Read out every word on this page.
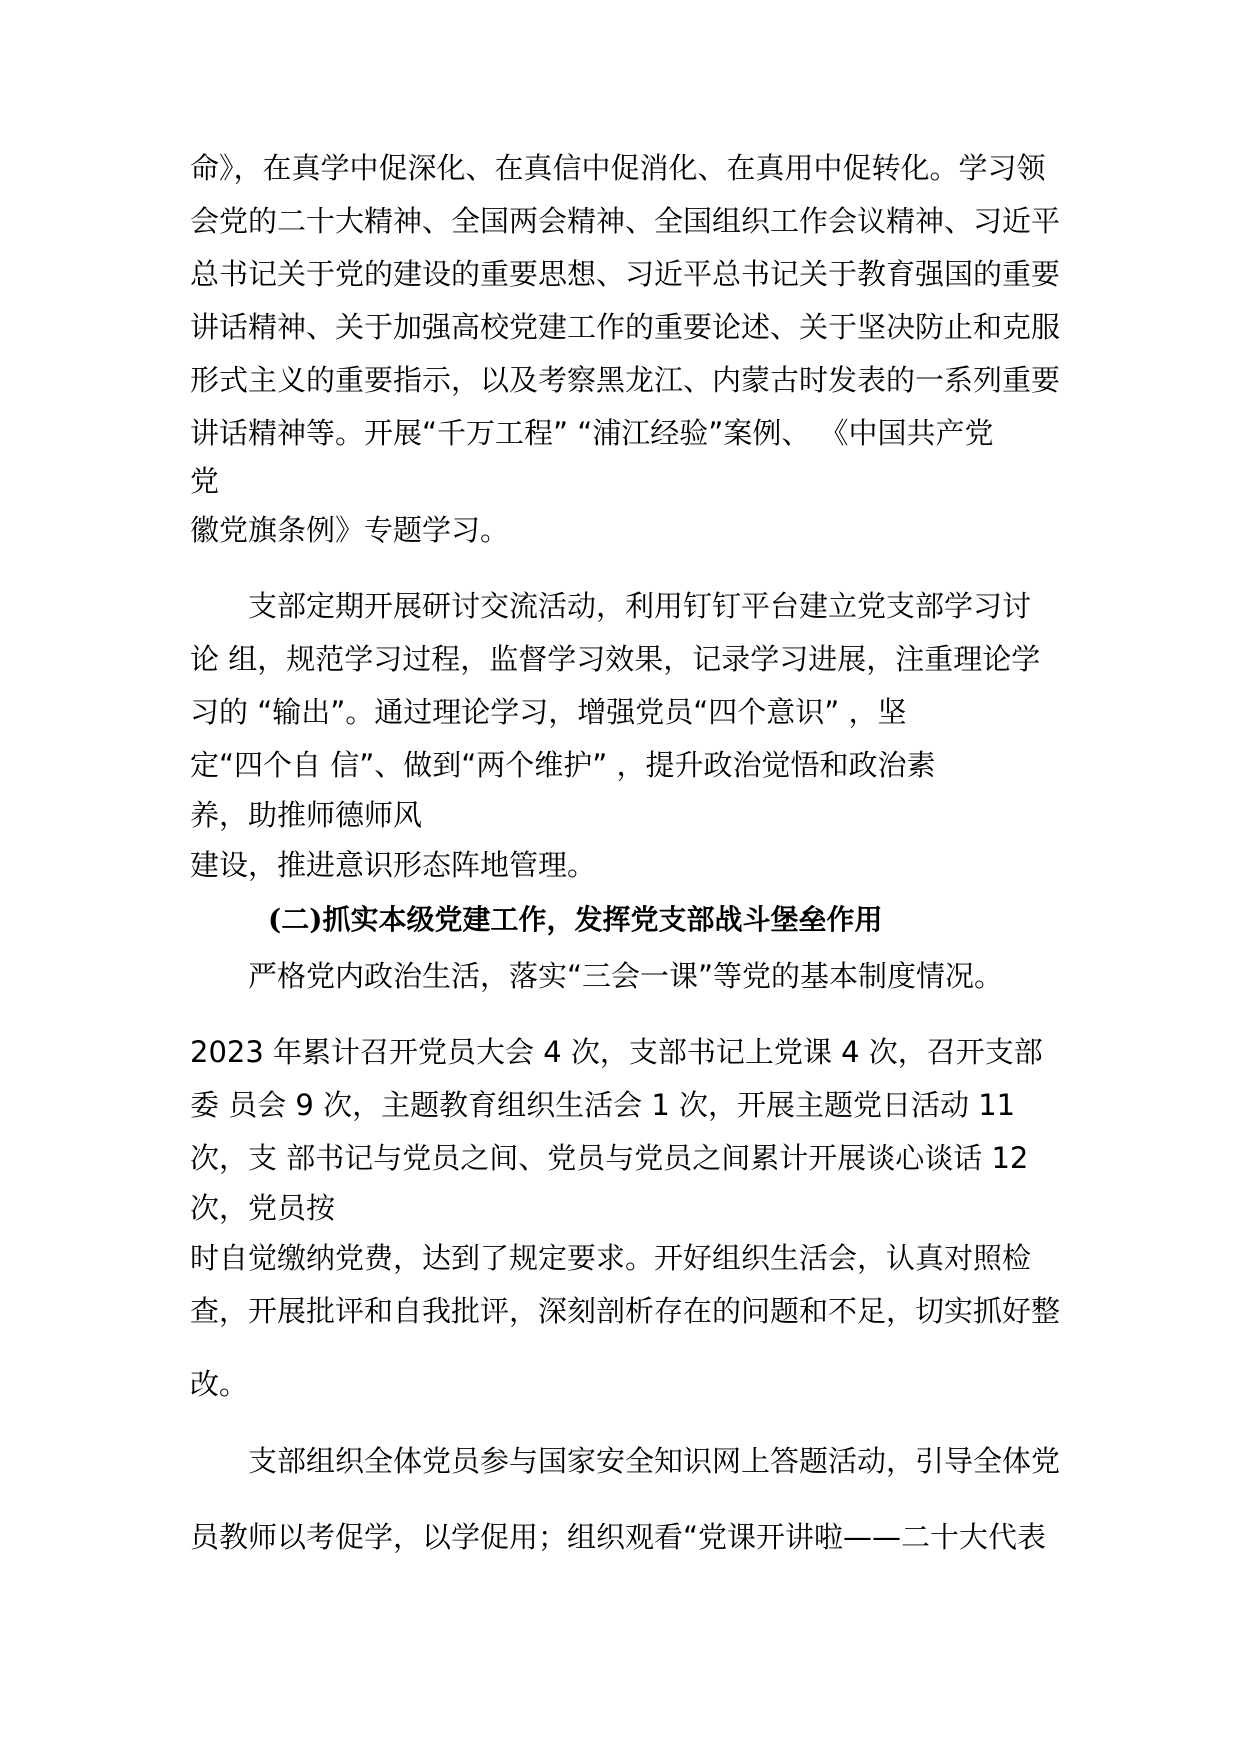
命》，在真学中促深化、在真信中促消化、在真用中促转化。学习领
会党的二十大精神、全国两会精神、全国组织工作会议精神、习近平
总书记关于党的建设的重要思想、习近平总书记关于教育强国的重要
讲话精神、关于加强高校党建工作的重要论述、关于坚决防止和克服
形式主义的重要指示，以及考察黑龙江、内蒙古时发表的一系列重要
讲话精神等。开展“千万工程” “浦江经验”案例、 《中国共产党
党
徽党旗条例》专题学习。
　　支部定期开展研讨交流活动，利用钉钉平台建立党支部学习讨
论 组，规范学习过程，监督学习效果，记录学习进展，注重理论学
习的 “输出”。通过理论学习，增强党员“四个意识” ，坚
定“四个自 信”、做到“两个维护” ，提升政治觉悟和政治素
养，助推师德师风
建设，推进意识形态阵地管理。
(二)抓实本级党建工作，发挥党支部战斗堡垒作用
　　严格党内政治生活，落实“三会一课”等党的基本制度情况。
2023 年累计召开党员大会 4 次，支部书记上党课 4 次，召开支部
委 员会 9 次，主题教育组织生活会 1 次，开展主题党日活动 11
次，支 部书记与党员之间、党员与党员之间累计开展谈心谈话 12
次，党员按
时自觉缴纳党费，达到了规定要求。开好组织生活会，认真对照检
查，开展批评和自我批评，深刻剖析存在的问题和不足，切实抓好整
改。
　　支部组织全体党员参与国家安全知识网上答题活动，引导全体党
员教师以考促学，以学促用；组织观看“党课开讲啦——二十大代表
